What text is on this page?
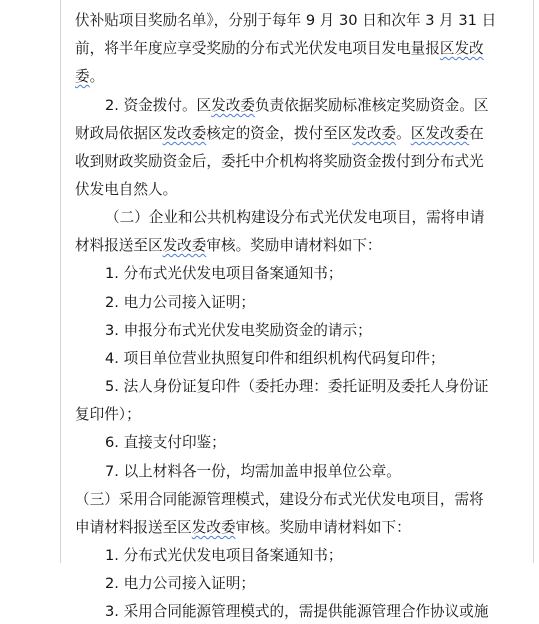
伏补贴项目奖励名单》，分别于每年 9 月 30 日和次年 3 月 31 日
前，将半年度应享受奖励的分布式光伏发电项目发电量报区发改
委。
2. 资金拨付。区发改委负责依据奖励标准核定奖励资金。区
财政局依据区发改委核定的资金，拨付至区发改委。区发改委在
收到财政奖励资金后，委托中介机构将奖励资金拨付到分布式光
伏发电自然人。
（二）企业和公共机构建设分布式光伏发电项目，需将申请
材料报送至区发改委审核。奖励申请材料如下：
1. 分布式光伏发电项目备案通知书；
2. 电力公司接入证明；
3. 申报分布式光伏发电奖励资金的请示；
4. 项目单位营业执照复印件和组织机构代码复印件；
5. 法人身份证复印件（委托办理：委托证明及委托人身份证
复印件）；
6. 直接支付印鉴；
7. 以上材料各一份，均需加盖申报单位公章。
（三）采用合同能源管理模式，建设分布式光伏发电项目，需将
申请材料报送至区发改委审核。奖励申请材料如下：
1. 分布式光伏发电项目备案通知书；
2. 电力公司接入证明；
3. 采用合同能源管理模式的，需提供能源管理合作协议或施
